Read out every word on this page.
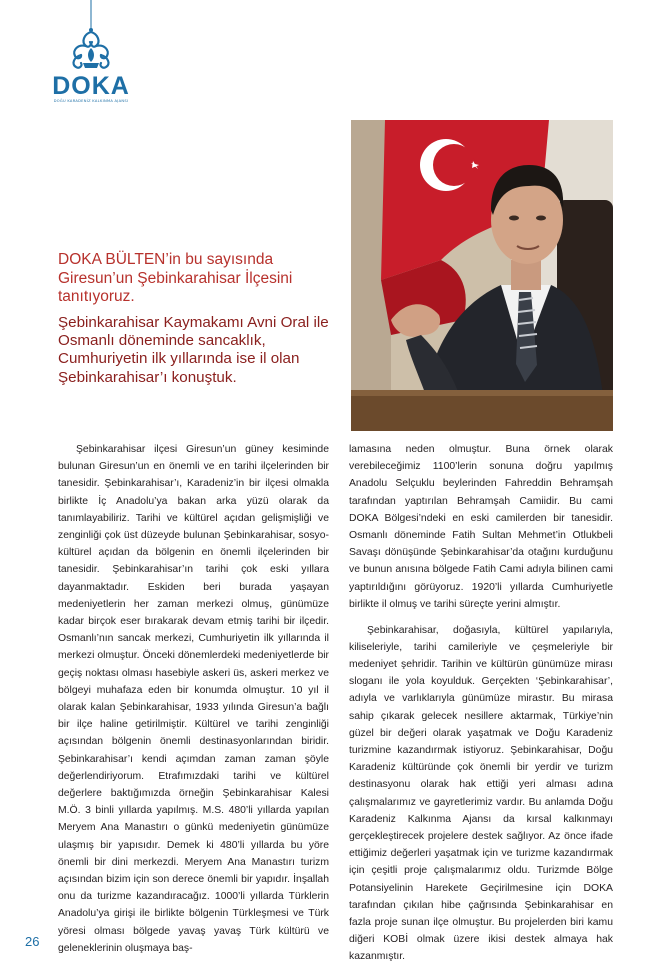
DOKA
DOĞU KARADENİZ KALKINMA AJANSI
DOKA BÜLTEN’in bu sayısında Giresun’un Şebinkarahisar İlçesini tanıtıyoruz.
Şebinkarahisar Kaymakamı Avni Oral ile Osmanlı döneminde sancaklık, Cumhuriyetin ilk yıllarında ise il olan Şebinkarahisar’ı konuştuk.

Şebinkarahisar ilçesi Giresun’un güney kesiminde bulunan Giresun’un en önemli ve en tarihi ilçelerinden bir tanesidir. Şebinkarahisar’ı, Karadeniz’in bir ilçesi olmakla birlikte İç Anadolu’ya bakan arka yüzü olarak da tanımlayabiliriz. Tarihi ve kültürel açıdan gelişmişliği ve zenginliği çok üst düzeyde bulunan Şebinkarahisar, sosyo-kültürel açıdan da bölgenin en önemli ilçelerinden bir tanesidir. Şebinkarahisar’ın tarihi çok eski yıllara dayanmaktadır. Eskiden beri burada yaşayan medeniyetlerin her zaman merkezi olmuş, günümüze kadar birçok eser bırakarak devam etmiş tarihi bir ilçedir. Osmanlı’nın sancak merkezi, Cumhuriyetin ilk yıllarında il merkezi olmuştur. Önceki dönemlerdeki medeniyetlerde bir geçiş noktası olması hasebiyle askeri üs, askeri merkez ve bölgeyi muhafaza eden bir konumda olmuştur. 10 yıl il olarak kalan Şebinkarahisar, 1933 yılında Giresun’a bağlı bir ilçe haline getirilmiştir. Kültürel ve tarihi zenginliği açısından bölgenin önemli destinasyonlarından biridir. Şebinkarahisar’ı kendi açımdan zaman zaman şöyle değerlendiriyorum. Etrafımızdaki tarihi ve kültürel değerlere baktığımızda örneğin Şebinkarahisar Kalesi M.Ö. 3 binli yıllarda yapılmış. M.S. 480’li yıllarda yapılan Meryem Ana Manastırı o günkü medeniyetin günümüze ulaşmış bir yapısıdır. Demek ki 480’li yıllarda bu yöre önemli bir dini merkezdi. Meryem Ana Manastırı turizm açısından bizim için son derece önemli bir yapıdır. İnşallah onu da turizme kazandıracağız. 1000’li yıllarda Türklerin Anadolu’ya girişi ile birlikte bölgenin Türkleşmesi ve Türk yöresi olması bölgede yavaş yavaş Türk kültürü ve geleneklerinin oluşmaya baş-

lamasına neden olmuştur. Buna örnek olarak verebileceğimiz 1100’lerin sonuna doğru yapılmış Anadolu Selçuklu beylerinden Fahreddin Behramşah tarafından yaptırılan Behramşah Camiidir. Bu cami DOKA Bölgesi’ndeki en eski camilerden bir tanesidir. Osmanlı döneminde Fatih Sultan Mehmet’in Otlukbeli Savaşı dönüşünde Şebinkarahisar’da otağını kurduğunu ve bunun anısına bölgede Fatih Cami adıyla bilinen cami yaptırıldığını görüyoruz. 1920’li yıllarda Cumhuriyetle birlikte il olmuş ve tarihi süreçte yerini almıştır.

Şebinkarahisar, doğasıyla, kültürel yapılarıyla, kiliseleriyle, tarihi camileriyle ve çeşmeleriyle bir medeniyet şehridir. Tarihin ve kültürün günümüze mirası sloganı ile yola koyulduk. Gerçekten ‘Şebinkarahisar’, adıyla ve varlıklarıyla günümüze mirastır. Bu mirasa sahip çıkarak gelecek nesillere aktarmak, Türkiye’nin güzel bir değeri olarak yaşatmak ve Doğu Karadeniz turizmine kazandırmak istiyoruz. Şebinkarahisar, Doğu Karadeniz kültüründe çok önemli bir yerdir ve turizm destinasyonu olarak hak ettiği yeri alması adına çalışmalarımız ve gayretlerimiz vardır. Bu anlamda Doğu Karadeniz Kalkınma Ajansı da kırsal kalkınmayı gerçekleştirecek projelere destek sağlıyor. Az önce ifade ettiğimiz değerleri yaşatmak için ve turizme kazandırmak için çeşitli proje çalışmalarımız oldu. Turizmde Bölge Potansiyelinin Harekete Geçirilmesine için DOKA tarafından çıkılan hibe çağrısında Şebinkarahisar en fazla proje sunan ilçe olmuştur. Bu projelerden biri kamu diğeri KOBİ olmak üzere ikisi destek almaya hak kazanmıştır.

26
